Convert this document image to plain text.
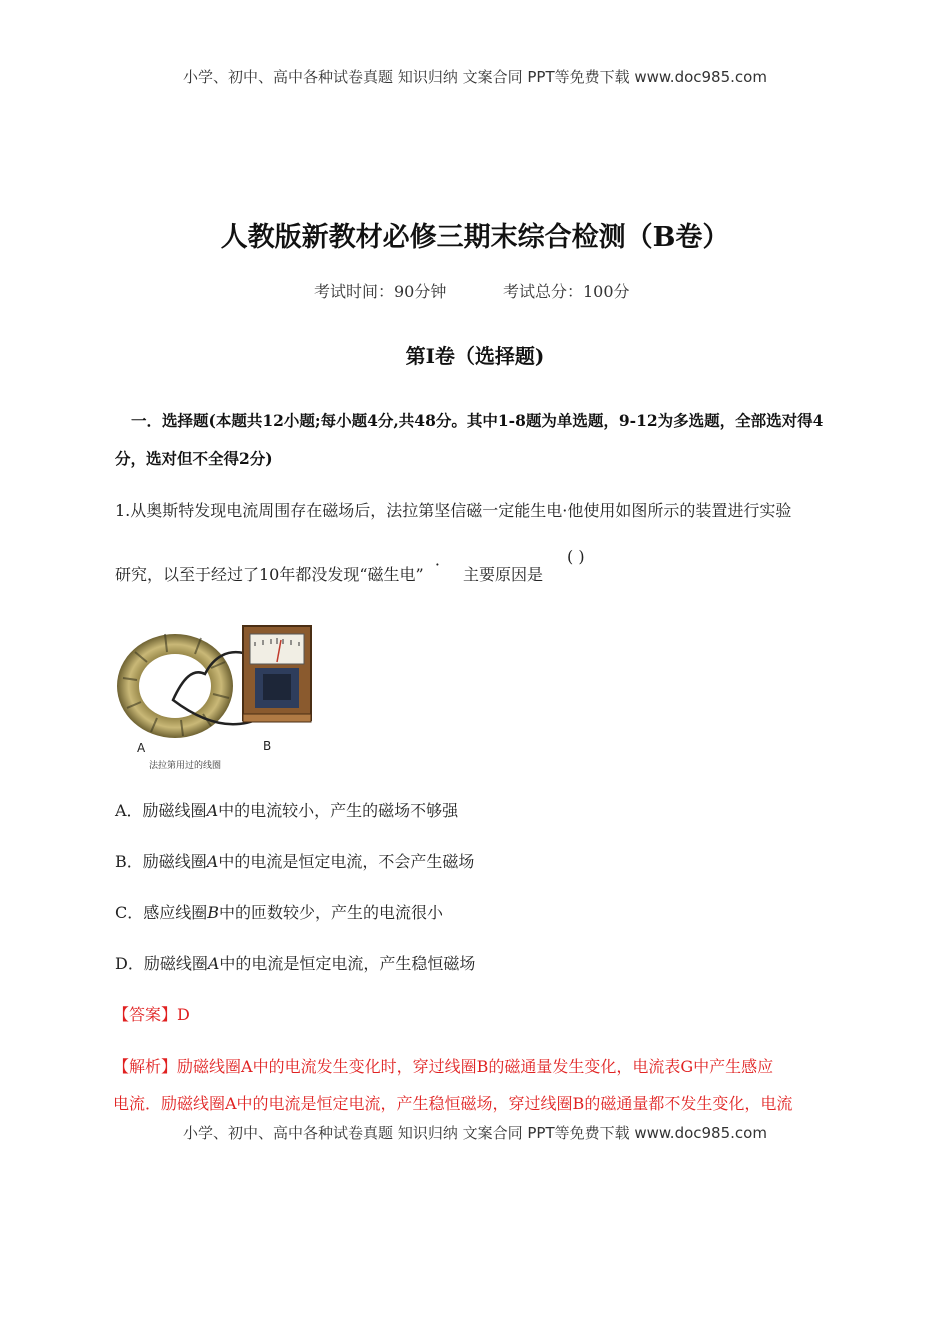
小学、初中、高中各种试卷真题 知识归纳 文案合同 PPT等免费下载 www.doc985.com
人教版新教材必修三期末综合检测（B卷）
考试时间：90分钟	考试总分：100分
第I卷（选择题)
一．选择题(本题共12小题;每小题4分,共48分。其中1-8题为单选题，9-12为多选题，全部选对得4分，选对但不全得2分)
1.从奥斯特发现电流周围存在磁场后，法拉第坚信磁一定能生电·他使用如图所示的装置进行实验
研究，以至于经过了10年都没发现“磁生电” · 主要原因是
( )
A	B
法拉第用过的线圈
A．励磁线圈A中的电流较小，产生的磁场不够强
B．励磁线圈A中的电流是恒定电流，不会产生磁场
C．感应线圈B中的匝数较少，产生的电流很小
D．励磁线圈A中的电流是恒定电流，产生稳恒磁场
【答案】D
【解析】励磁线圈A中的电流发生变化时，穿过线圈B的磁通量发生变化，电流表G中产生感应
电流．励磁线圈A中的电流是恒定电流，产生稳恒磁场，穿过线圈B的磁通量都不发生变化，电流
小学、初中、高中各种试卷真题 知识归纳 文案合同 PPT等免费下载 www.doc985.com
